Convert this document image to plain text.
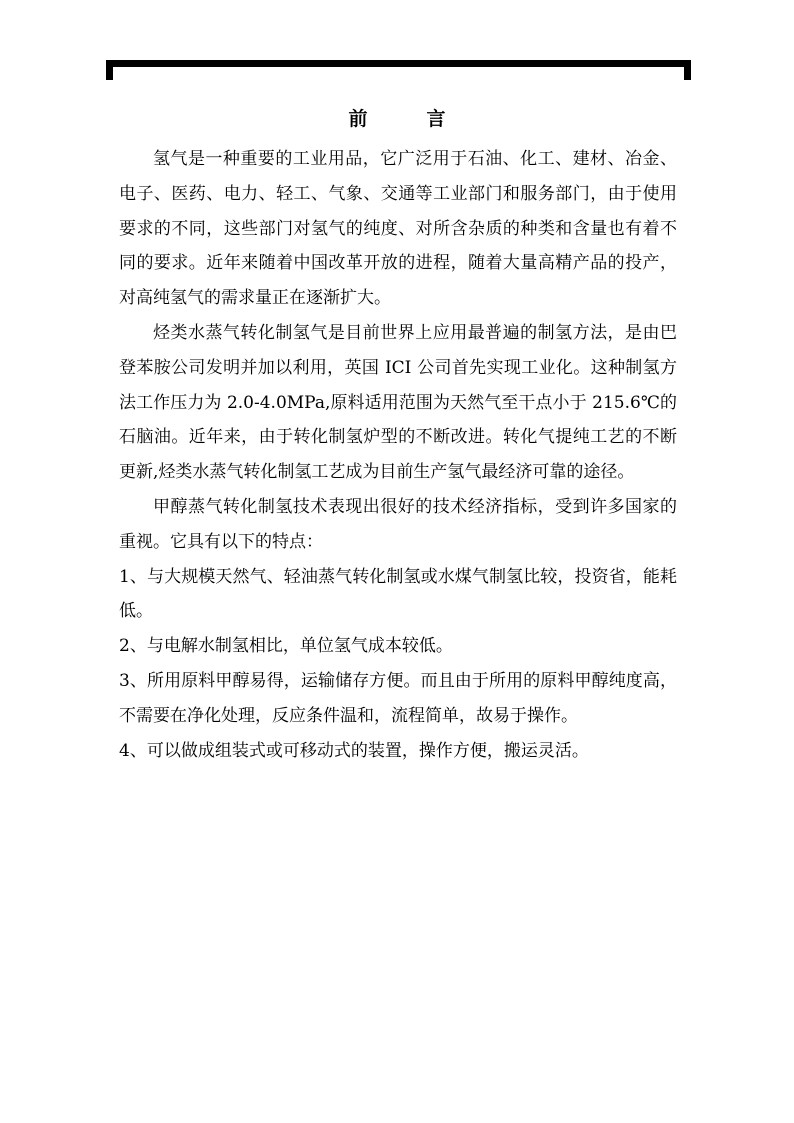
前　言

氢气是一种重要的工业用品，它广泛用于石油、化工、建材、冶金、电子、医药、电力、轻工、气象、交通等工业部门和服务部门，由于使用要求的不同，这些部门对氢气的纯度、对所含杂质的种类和含量也有着不同的要求。近年来随着中国改革开放的进程，随着大量高精产品的投产，对高纯氢气的需求量正在逐渐扩大。

烃类水蒸气转化制氢气是目前世界上应用最普遍的制氢方法，是由巴登苯胺公司发明并加以利用，英国 ICI 公司首先实现工业化。这种制氢方法工作压力为 2.0-4.0MPa,原料适用范围为天然气至干点小于 215.6℃的石脑油。近年来，由于转化制氢炉型的不断改进。转化气提纯工艺的不断更新,烃类水蒸气转化制氢工艺成为目前生产氢气最经济可靠的途径。

甲醇蒸气转化制氢技术表现出很好的技术经济指标，受到许多国家的重视。它具有以下的特点：

1、与大规模天然气、轻油蒸气转化制氢或水煤气制氢比较，投资省，能耗低。

2、与电解水制氢相比，单位氢气成本较低。

3、所用原料甲醇易得，运输储存方便。而且由于所用的原料甲醇纯度高，不需要在净化处理，反应条件温和，流程简单，故易于操作。

4、可以做成组装式或可移动式的装置，操作方便，搬运灵活。
